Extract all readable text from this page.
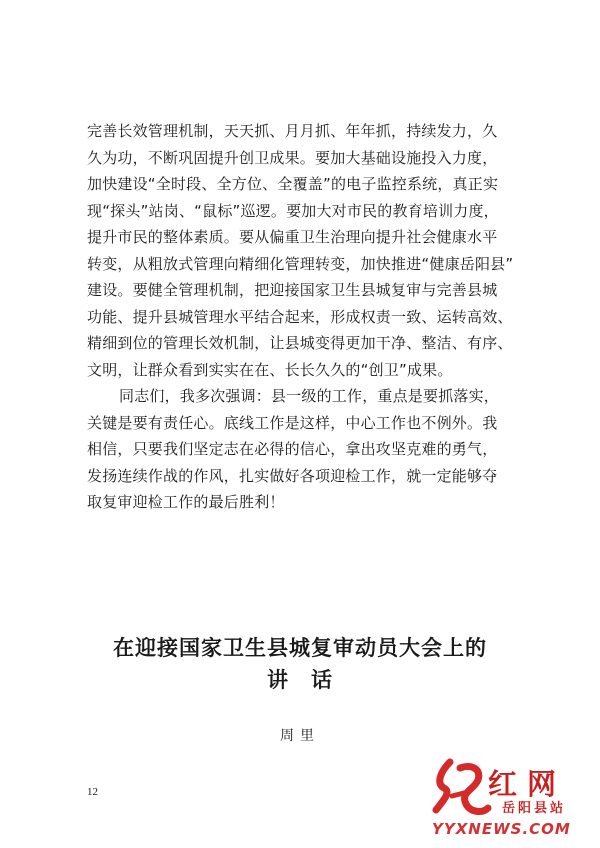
完善长效管理机制，天天抓、月月抓、年年抓，持续发力，久
久为功，不断巩固提升创卫成果。要加大基础设施投入力度，
加快建设“全时段、全方位、全覆盖”的电子监控系统，真正实
现“探头”站岗、“鼠标”巡逻。要加大对市民的教育培训力度，
提升市民的整体素质。要从偏重卫生治理向提升社会健康水平
转变，从粗放式管理向精细化管理转变，加快推进“健康岳阳县”
建设。要健全管理机制，把迎接国家卫生县城复审与完善县城
功能、提升县城管理水平结合起来，形成权责一致、运转高效、
精细到位的管理长效机制，让县城变得更加干净、整洁、有序、
文明，让群众看到实实在在、长长久久的“创卫”成果。
同志们，我多次强调：县一级的工作，重点是要抓落实，
关键是要有责任心。底线工作是这样，中心工作也不例外。我
相信，只要我们坚定志在必得的信心，拿出攻坚克难的勇气，
发扬连续作战的作风，扎实做好各项迎检工作，就一定能够夺
取复审迎检工作的最后胜利！
在迎接国家卫生县城复审动员大会上的
讲　话
周里
12	红网
岳阳县站
YYXNEWS.COM
